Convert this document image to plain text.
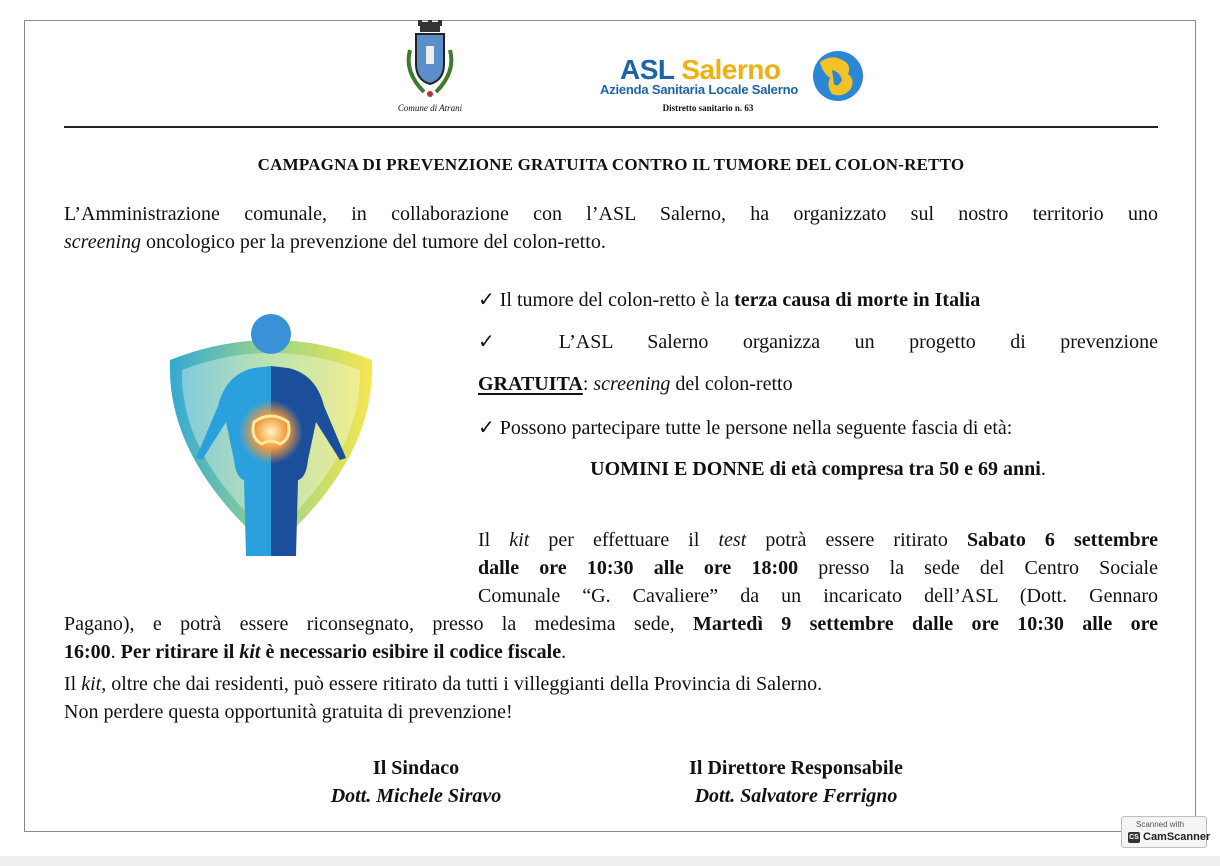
Comune di Atrani
ASL Salerno
Azienda Sanitaria Locale Salerno
Distretto sanitario n. 63
CAMPAGNA DI PREVENZIONE GRATUITA CONTRO IL TUMORE DEL COLON-RETTO
L’Amministrazione comunale, in collaborazione con l’ASL Salerno, ha organizzato sul nostro territorio uno
screening oncologico per la prevenzione del tumore del colon-retto.
✓ Il tumore del colon-retto è la terza causa di morte in Italia
✓ L’ASL Salerno organizza un progetto di prevenzione
GRATUITA: screening del colon-retto
✓ Possono partecipare tutte le persone nella seguente fascia di età:
UOMINI E DONNE di età compresa tra 50 e 69 anni.
Il kit per effettuare il test potrà essere ritirato Sabato 6 settembre
dalle ore 10:30 alle ore 18:00 presso la sede del Centro Sociale
Comunale “G. Cavaliere” da un incaricato dell’ASL (Dott. Gennaro
Pagano), e potrà essere riconsegnato, presso la medesima sede, Martedì 9 settembre dalle ore 10:30 alle ore
16:00. Per ritirare il kit è necessario esibire il codice fiscale.
Il kit, oltre che dai residenti, può essere ritirato da tutti i villeggianti della Provincia di Salerno.
Non perdere questa opportunità gratuita di prevenzione!
Il Sindaco
Dott. Michele Siravo
Il Direttore Responsabile
Dott. Salvatore Ferrigno
Scanned with
CS CamScanner
